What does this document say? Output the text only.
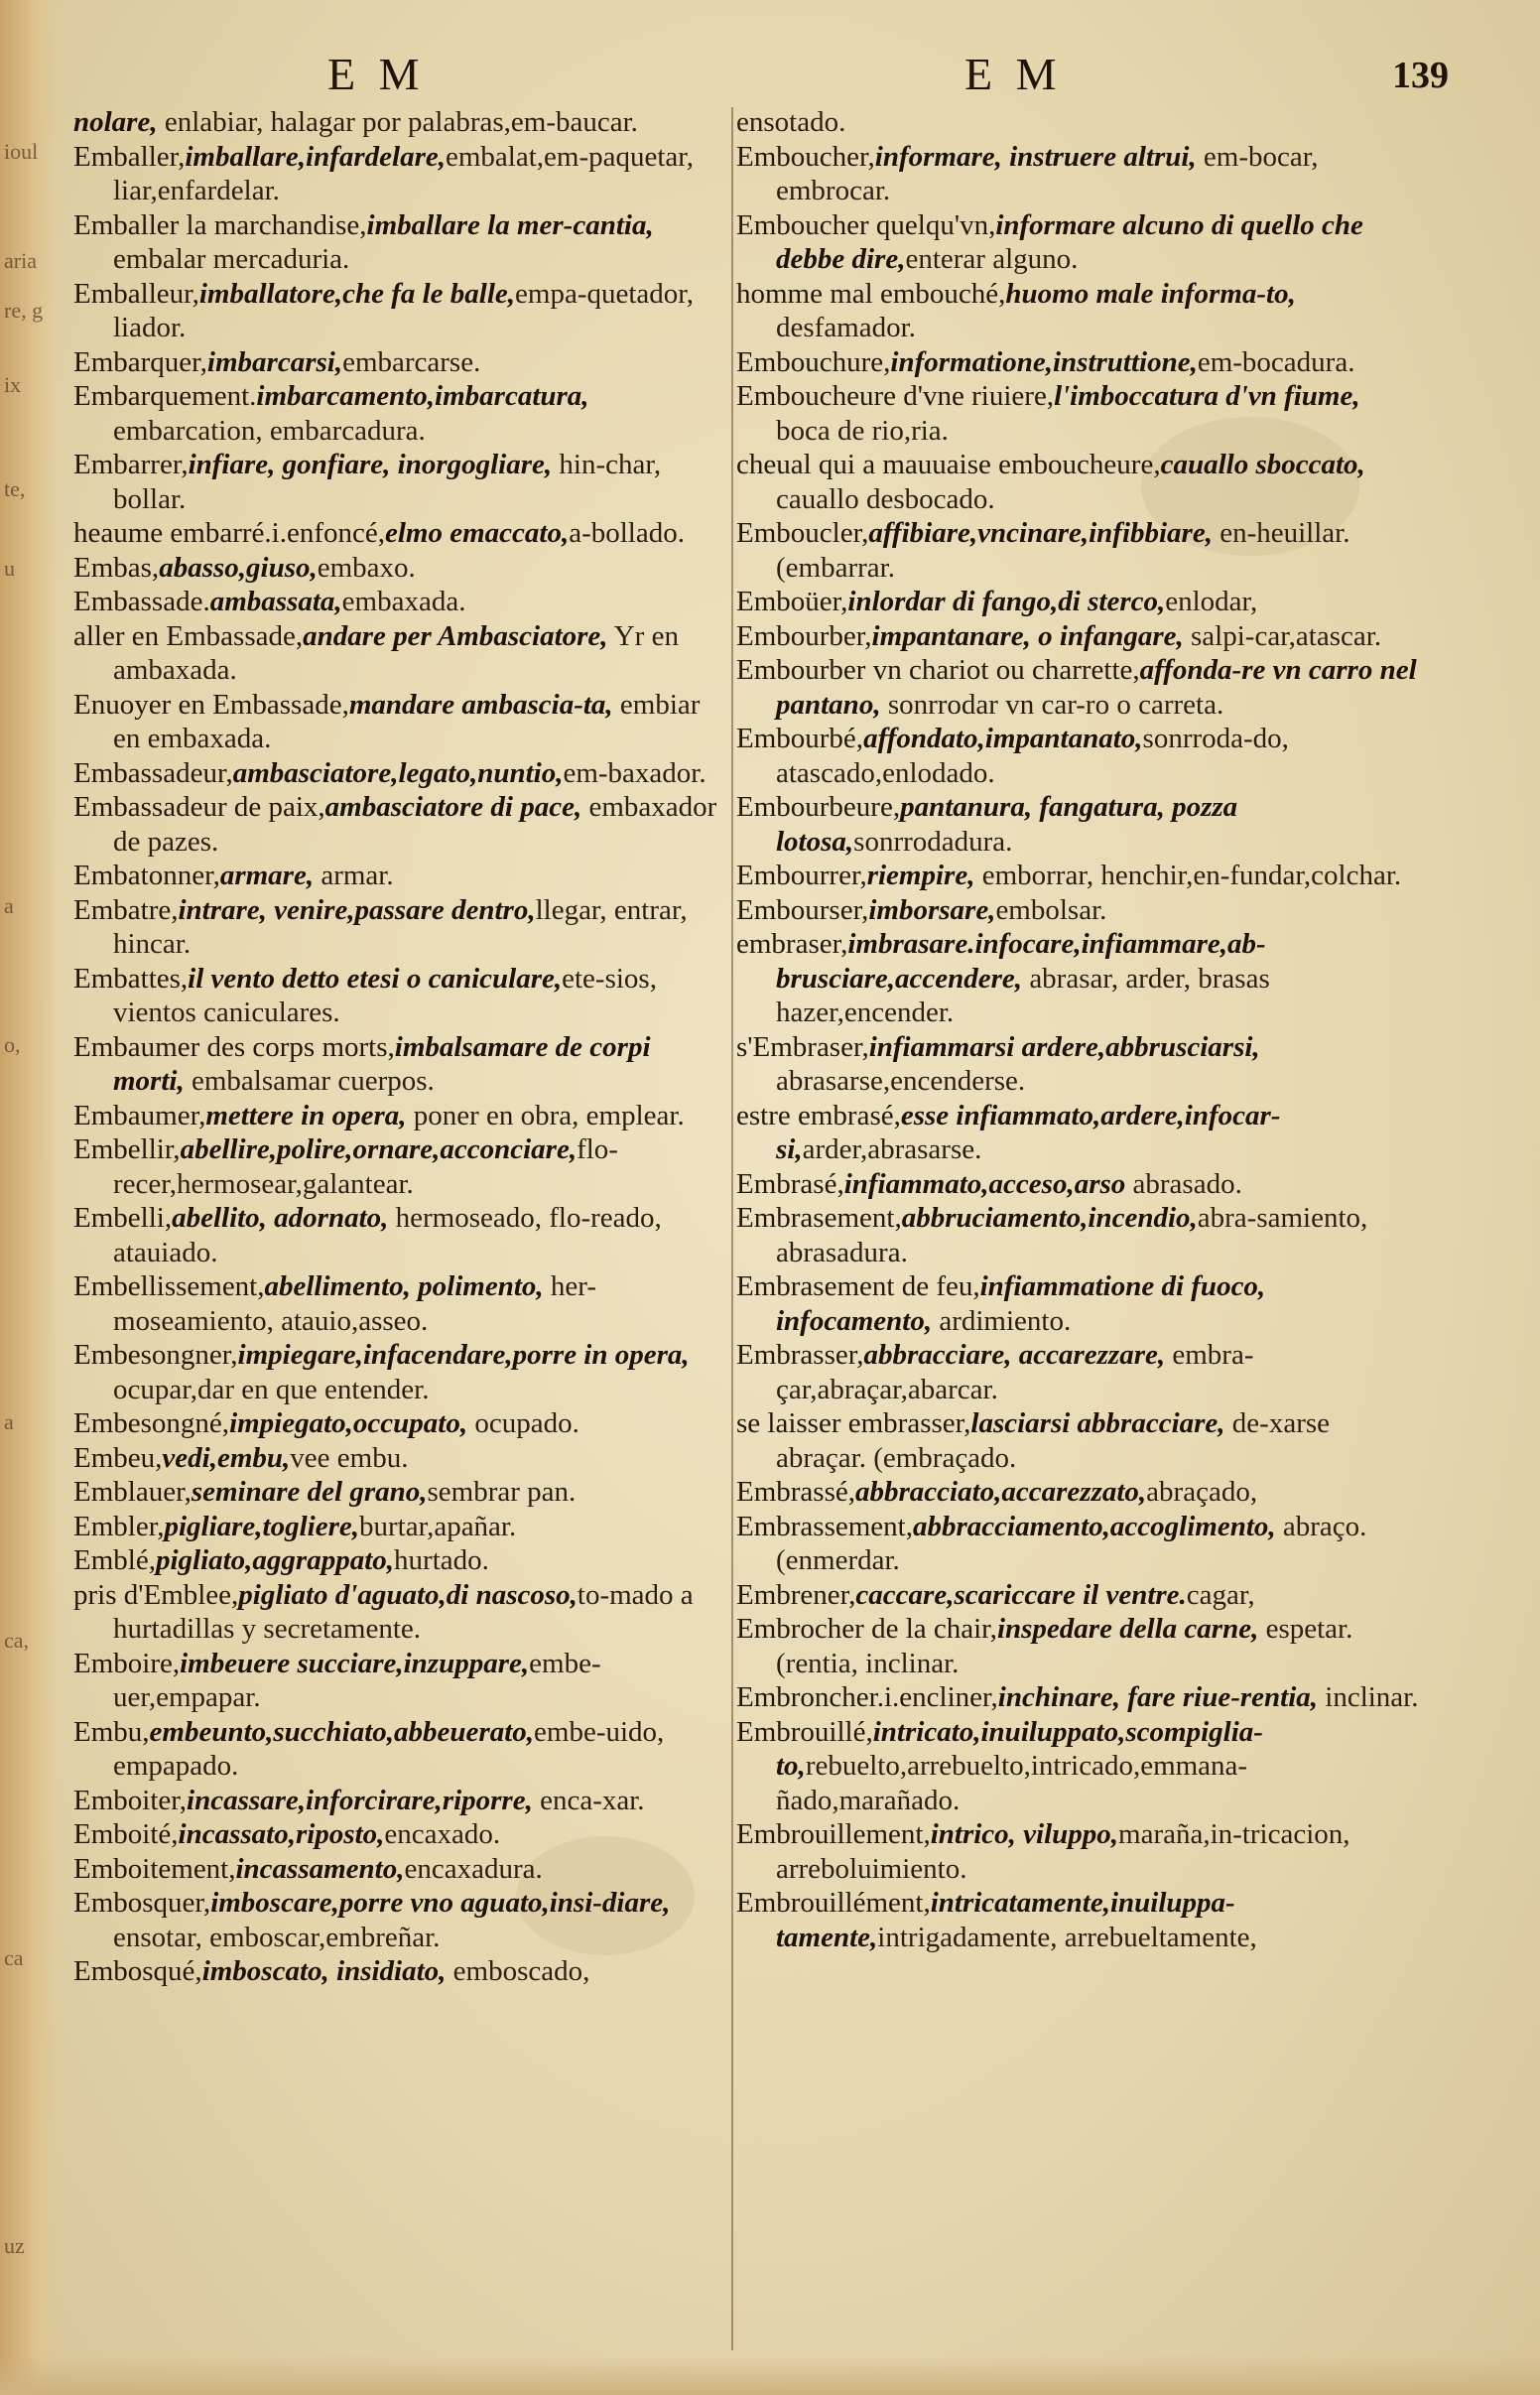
ioul
aria
re, g
ix
te,
u
a
o,
a
ca,
ca
uz
E M	E M	139

nolare, enlabiar, halagar por palabras,em-baucar.

Emballer,imballare,infardelare,embalat,em-paquetar, liar,enfardelar.

Emballer la marchandise,imballare la mer-cantia, embalar mercaduria.

Emballeur,imballatore,che fa le balle,empa-quetador, liador.

Embarquer,imbarcarsi,embarcarse.

Embarquement.imbarcamento,imbarcatura, embarcation, embarcadura.

Embarrer,infiare, gonfiare, inorgogliare, hin-char, bollar.

heaume embarré.i.enfoncé,elmo emaccato,a-bollado.

Embas,abasso,giuso,embaxo.

Embassade.ambassata,embaxada.

aller en Embassade,andare per Ambasciatore, Yr en ambaxada.

Enuoyer en Embassade,mandare ambascia-ta, embiar en embaxada.

Embassadeur,ambasciatore,legato,nuntio,em-baxador.

Embassadeur de paix,ambasciatore di pace, embaxador de pazes.

Embatonner,armare, armar.

Embatre,intrare, venire,passare dentro,llegar, entrar, hincar.

Embattes,il vento detto etesi o caniculare,ete-sios, vientos caniculares.

Embaumer des corps morts,imbalsamare de corpi morti, embalsamar cuerpos.

Embaumer,mettere in opera, poner en obra, emplear.

Embellir,abellire,polire,ornare,acconciare,flo-recer,hermosear,galantear.

Embelli,abellito, adornato, hermoseado, flo-reado, atauiado.

Embellissement,abellimento, polimento, her-moseamiento, atauio,asseo.

Embesongner,impiegare,infacendare,porre in opera, ocupar,dar en que entender.

Embesongné,impiegato,occupato, ocupado.

Embeu,vedi,embu,vee embu.

Emblauer,seminare del grano,sembrar pan.

Embler,pigliare,togliere,burtar,apañar.

Emblé,pigliato,aggrappato,hurtado.

pris d'Emblee,pigliato d'aguato,di nascoso,to-mado a hurtadillas y secretamente.

Emboire,imbeuere succiare,inzuppare,embe-uer,empapar.

Embu,embeunto,succhiato,abbeuerato,embe-uido, empapado.

Emboiter,incassare,inforcirare,riporre, enca-xar.

Emboité,incassato,riposto,encaxado.

Emboitement,incassamento,encaxadura.

Embosquer,imboscare,porre vno aguato,insi-diare, ensotar, emboscar,embreñar.

Embosqué,imboscato, insidiato, emboscado,

ensotado.

Emboucher,informare, instruere altrui, em-bocar, embrocar.

Emboucher quelqu'vn,informare alcuno di quello che debbe dire,enterar alguno.

homme mal embouché,huomo male informa-to, desfamador.

Embouchure,informatione,instruttione,em-bocadura.

Emboucheure d'vne riuiere,l'imboccatura d'vn fiume, boca de rio,ria.

cheual qui a mauuaise emboucheure,cauallo sboccato, cauallo desbocado.

Emboucler,affibiare,vncinare,infibbiare, en-heuillar. (embarrar.

Emboüer,inlordar di fango,di sterco,enlodar,

Embourber,impantanare, o infangare, salpi-car,atascar.

Embourber vn chariot ou charrette,affonda-re vn carro nel pantano, sonrrodar vn car-ro o carreta.

Embourbé,affondato,impantanato,sonrroda-do, atascado,enlodado.

Embourbeure,pantanura, fangatura, pozza lotosa,sonrrodadura.

Embourrer,riempire, emborrar, henchir,en-fundar,colchar.

Embourser,imborsare,embolsar.

embraser,imbrasare.infocare,infiammare,ab-brusciare,accendere, abrasar, arder, brasas hazer,encender.

s'Embraser,infiammarsi ardere,abbrusciarsi, abrasarse,encenderse.

estre embrasé,esse infiammato,ardere,infocar-si,arder,abrasarse.

Embrasé,infiammato,acceso,arso abrasado.

Embrasement,abbruciamento,incendio,abra-samiento, abrasadura.

Embrasement de feu,infiammatione di fuoco, infocamento, ardimiento.

Embrasser,abbracciare, accarezzare, embra-çar,abraçar,abarcar.

se laisser embrasser,lasciarsi abbracciare, de-xarse abraçar. (embraçado.

Embrassé,abbracciato,accarezzato,abraçado,

Embrassement,abbracciamento,accoglimento, abraço. (enmerdar.

Embrener,caccare,scariccare il ventre.cagar,

Embrocher de la chair,inspedare della carne, espetar. (rentia, inclinar.

Embroncher.i.encliner,inchinare, fare riue-rentia, inclinar.

Embrouillé,intricato,inuiluppato,scompiglia-to,rebuelto,arrebuelto,intricado,emmana-ñado,marañado.

Embrouillement,intrico, viluppo,maraña,in-tricacion, arreboluimiento.

Embrouillément,intricatamente,inuiluppa-tamente,intrigadamente, arrebueltamente,
